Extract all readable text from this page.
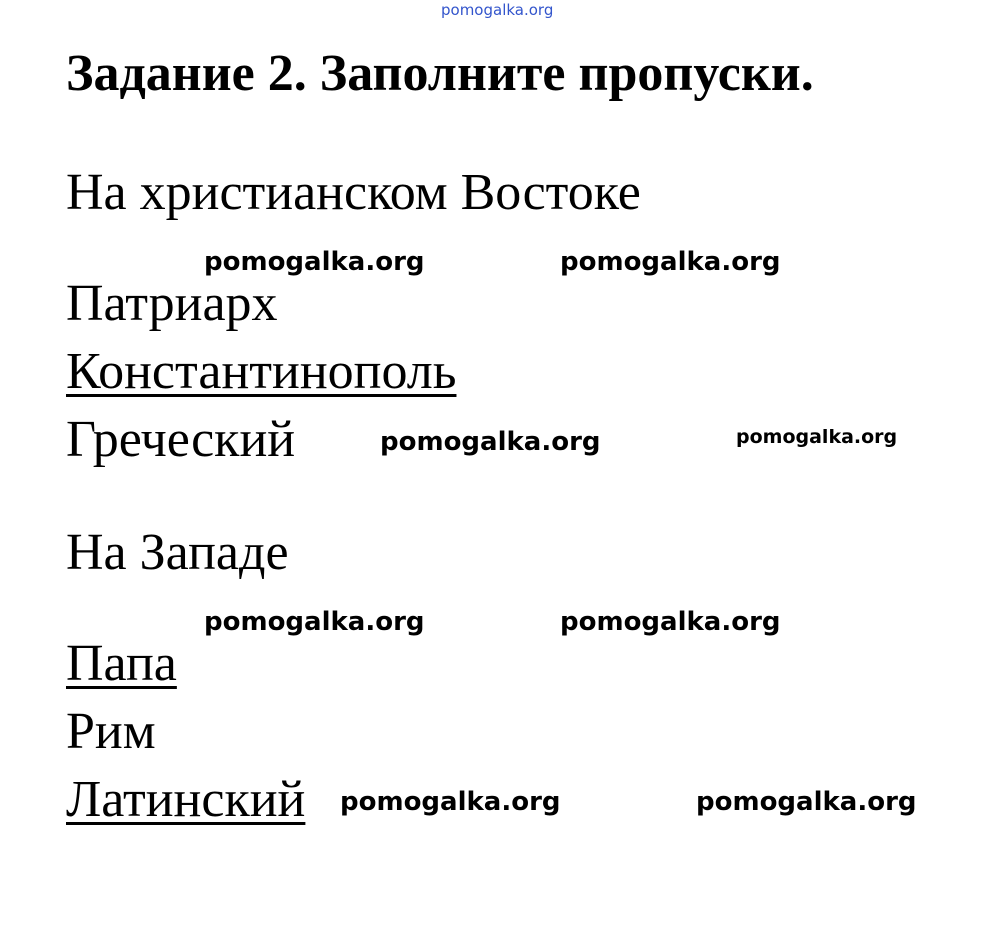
pomogalka.org
Задание 2. Заполните пропуски.
На христианском Востоке
pomogalka.org	pomogalka.org
Патриарх
Константинополь
Греческий	pomogalka.org	pomogalka.org
На Западе
pomogalka.org	pomogalka.org
Папа
Рим
Латинский pomogalka.org	pomogalka.org
